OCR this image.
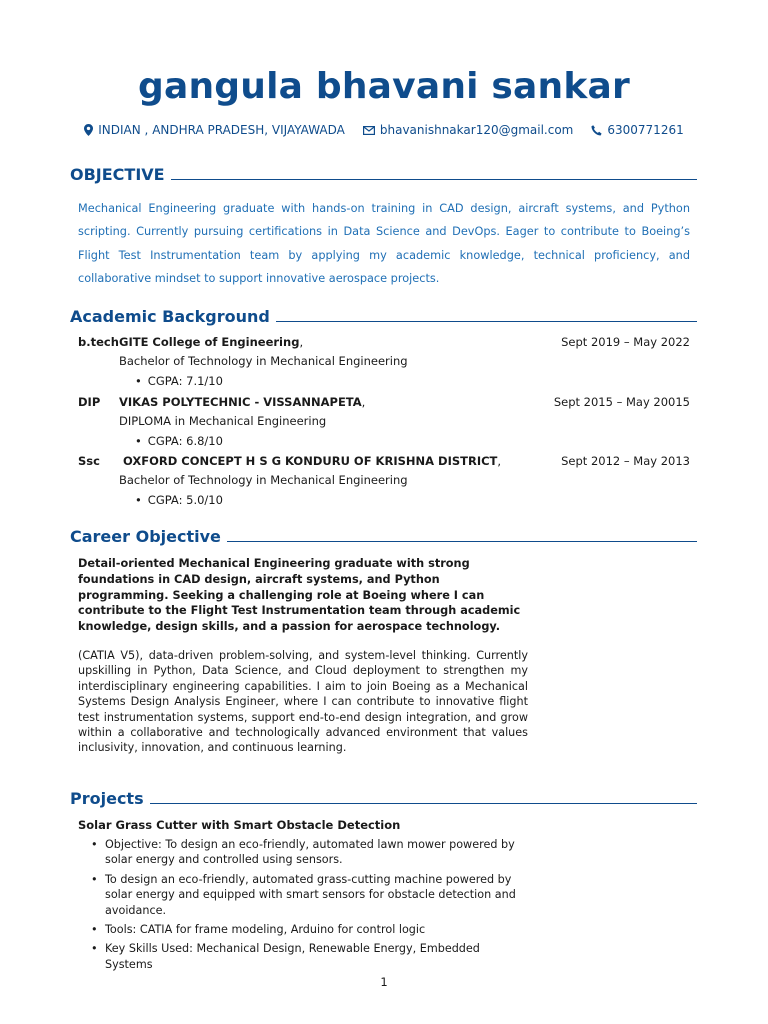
gangula bhavani sankar
INDIAN , ANDHRA PRADESH, VIJAYAWADA	bhavanishnakar120@gmail.com	6300771261
OBJECTIVE
Mechanical Engineering graduate with hands-on training in CAD design, aircraft systems, and Python scripting. Currently pursuing certifications in Data Science and DevOps. Eager to contribute to Boeing’s Flight Test Instrumentation team by applying my academic knowledge, technical proficiency, and collaborative mindset to support innovative aerospace projects.
Academic Background
b.tech GITE College of Engineering,	Sept 2019 – May 2022
Bachelor of Technology in Mechanical Engineering
• CGPA: 7.1/10
DIP	VIKAS POLYTECHNIC - VISSANNAPETA,	Sept 2015 – May 20015
DIPLOMA in Mechanical Engineering
• CGPA: 6.8/10
Ssc	OXFORD CONCEPT H S G KONDURU OF KRISHNA DISTRICT,	Sept 2012 – May 2013
Bachelor of Technology in Mechanical Engineering
• CGPA: 5.0/10
Career Objective
Detail-oriented Mechanical Engineering graduate with strong foundations in CAD design, aircraft systems, and Python programming. Seeking a challenging role at Boeing where I can contribute to the Flight Test Instrumentation team through academic knowledge, design skills, and a passion for aerospace technology.
(CATIA V5), data-driven problem-solving, and system-level thinking. Currently upskilling in Python, Data Science, and Cloud deployment to strengthen my interdisciplinary engineering capabilities. I aim to join Boeing as a Mechanical Systems Design Analysis Engineer, where I can contribute to innovative flight test instrumentation systems, support end-to-end design integration, and grow within a collaborative and technologically advanced environment that values inclusivity, innovation, and continuous learning.
Projects
Solar Grass Cutter with Smart Obstacle Detection
• Objective: To design an eco-friendly, automated lawn mower powered by solar energy and controlled using sensors.
• To design an eco-friendly, automated grass-cutting machine powered by solar energy and equipped with smart sensors for obstacle detection and avoidance.
• Tools: CATIA for frame modeling, Arduino for control logic
• Key Skills Used: Mechanical Design, Renewable Energy, Embedded Systems
1
